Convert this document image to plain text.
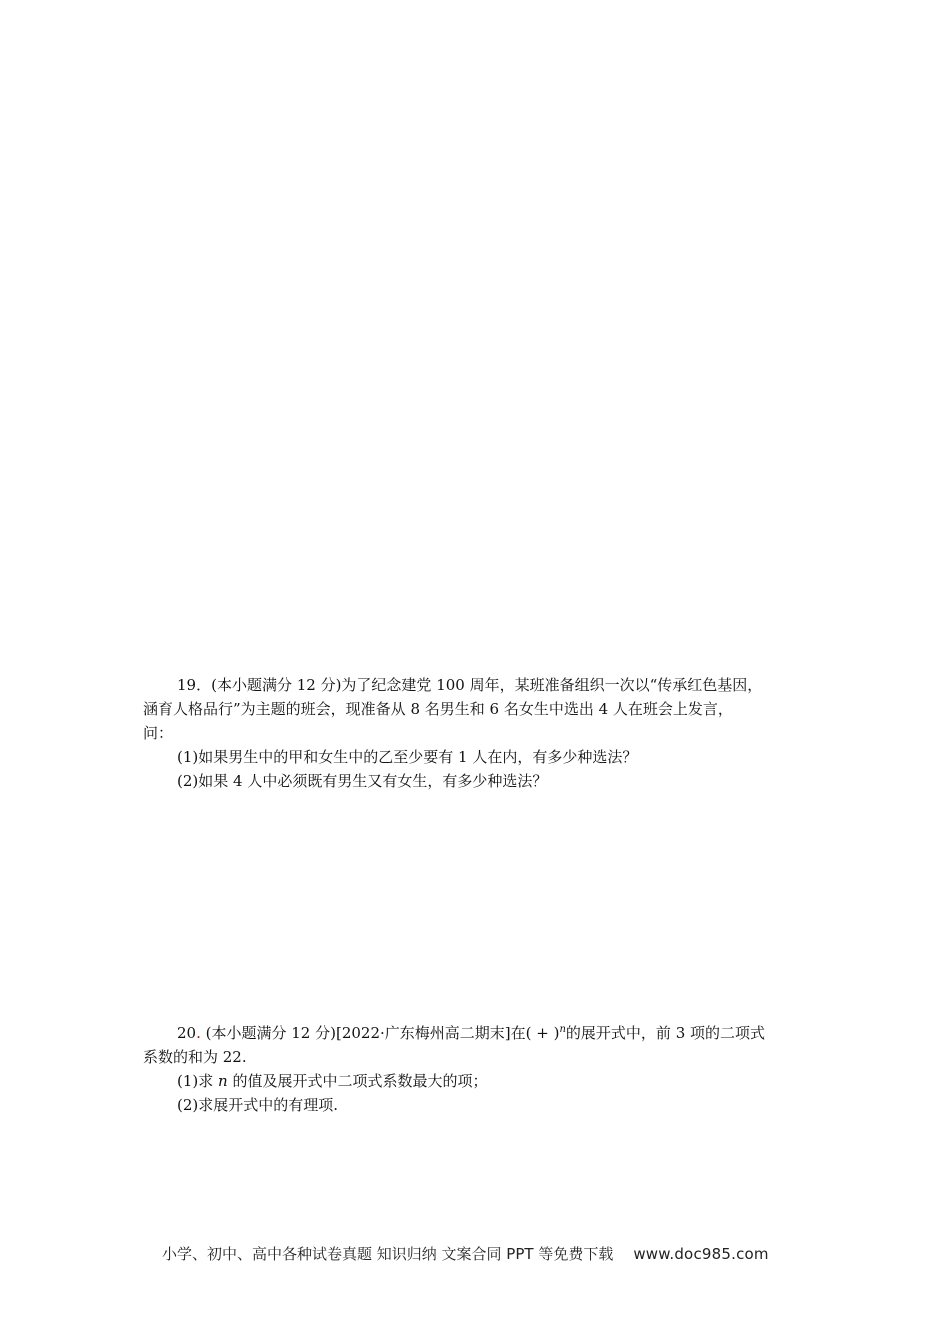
19．(本小题满分 12 分)为了纪念建党 100 周年，某班准备组织一次以“传承红色基因，
涵育人格品行”为主题的班会，现准备从 8 名男生和 6 名女生中选出 4 人在班会上发言，
问：
(1)如果男生中的甲和女生中的乙至少要有 1 人在内，有多少种选法？
(2)如果 4 人中必须既有男生又有女生，有多少种选法？
20. (本小题满分 12 分)[2022·广东梅州高二期末]在( + )$^n$的展开式中，前 3 项的二项式
系数的和为 22.
(1)求 n 的值及展开式中二项式系数最大的项；
(2)求展开式中的有理项.
小学、初中、高中各种试卷真题 知识归纳 文案合同 PPT 等免费下载 www.doc985.com
